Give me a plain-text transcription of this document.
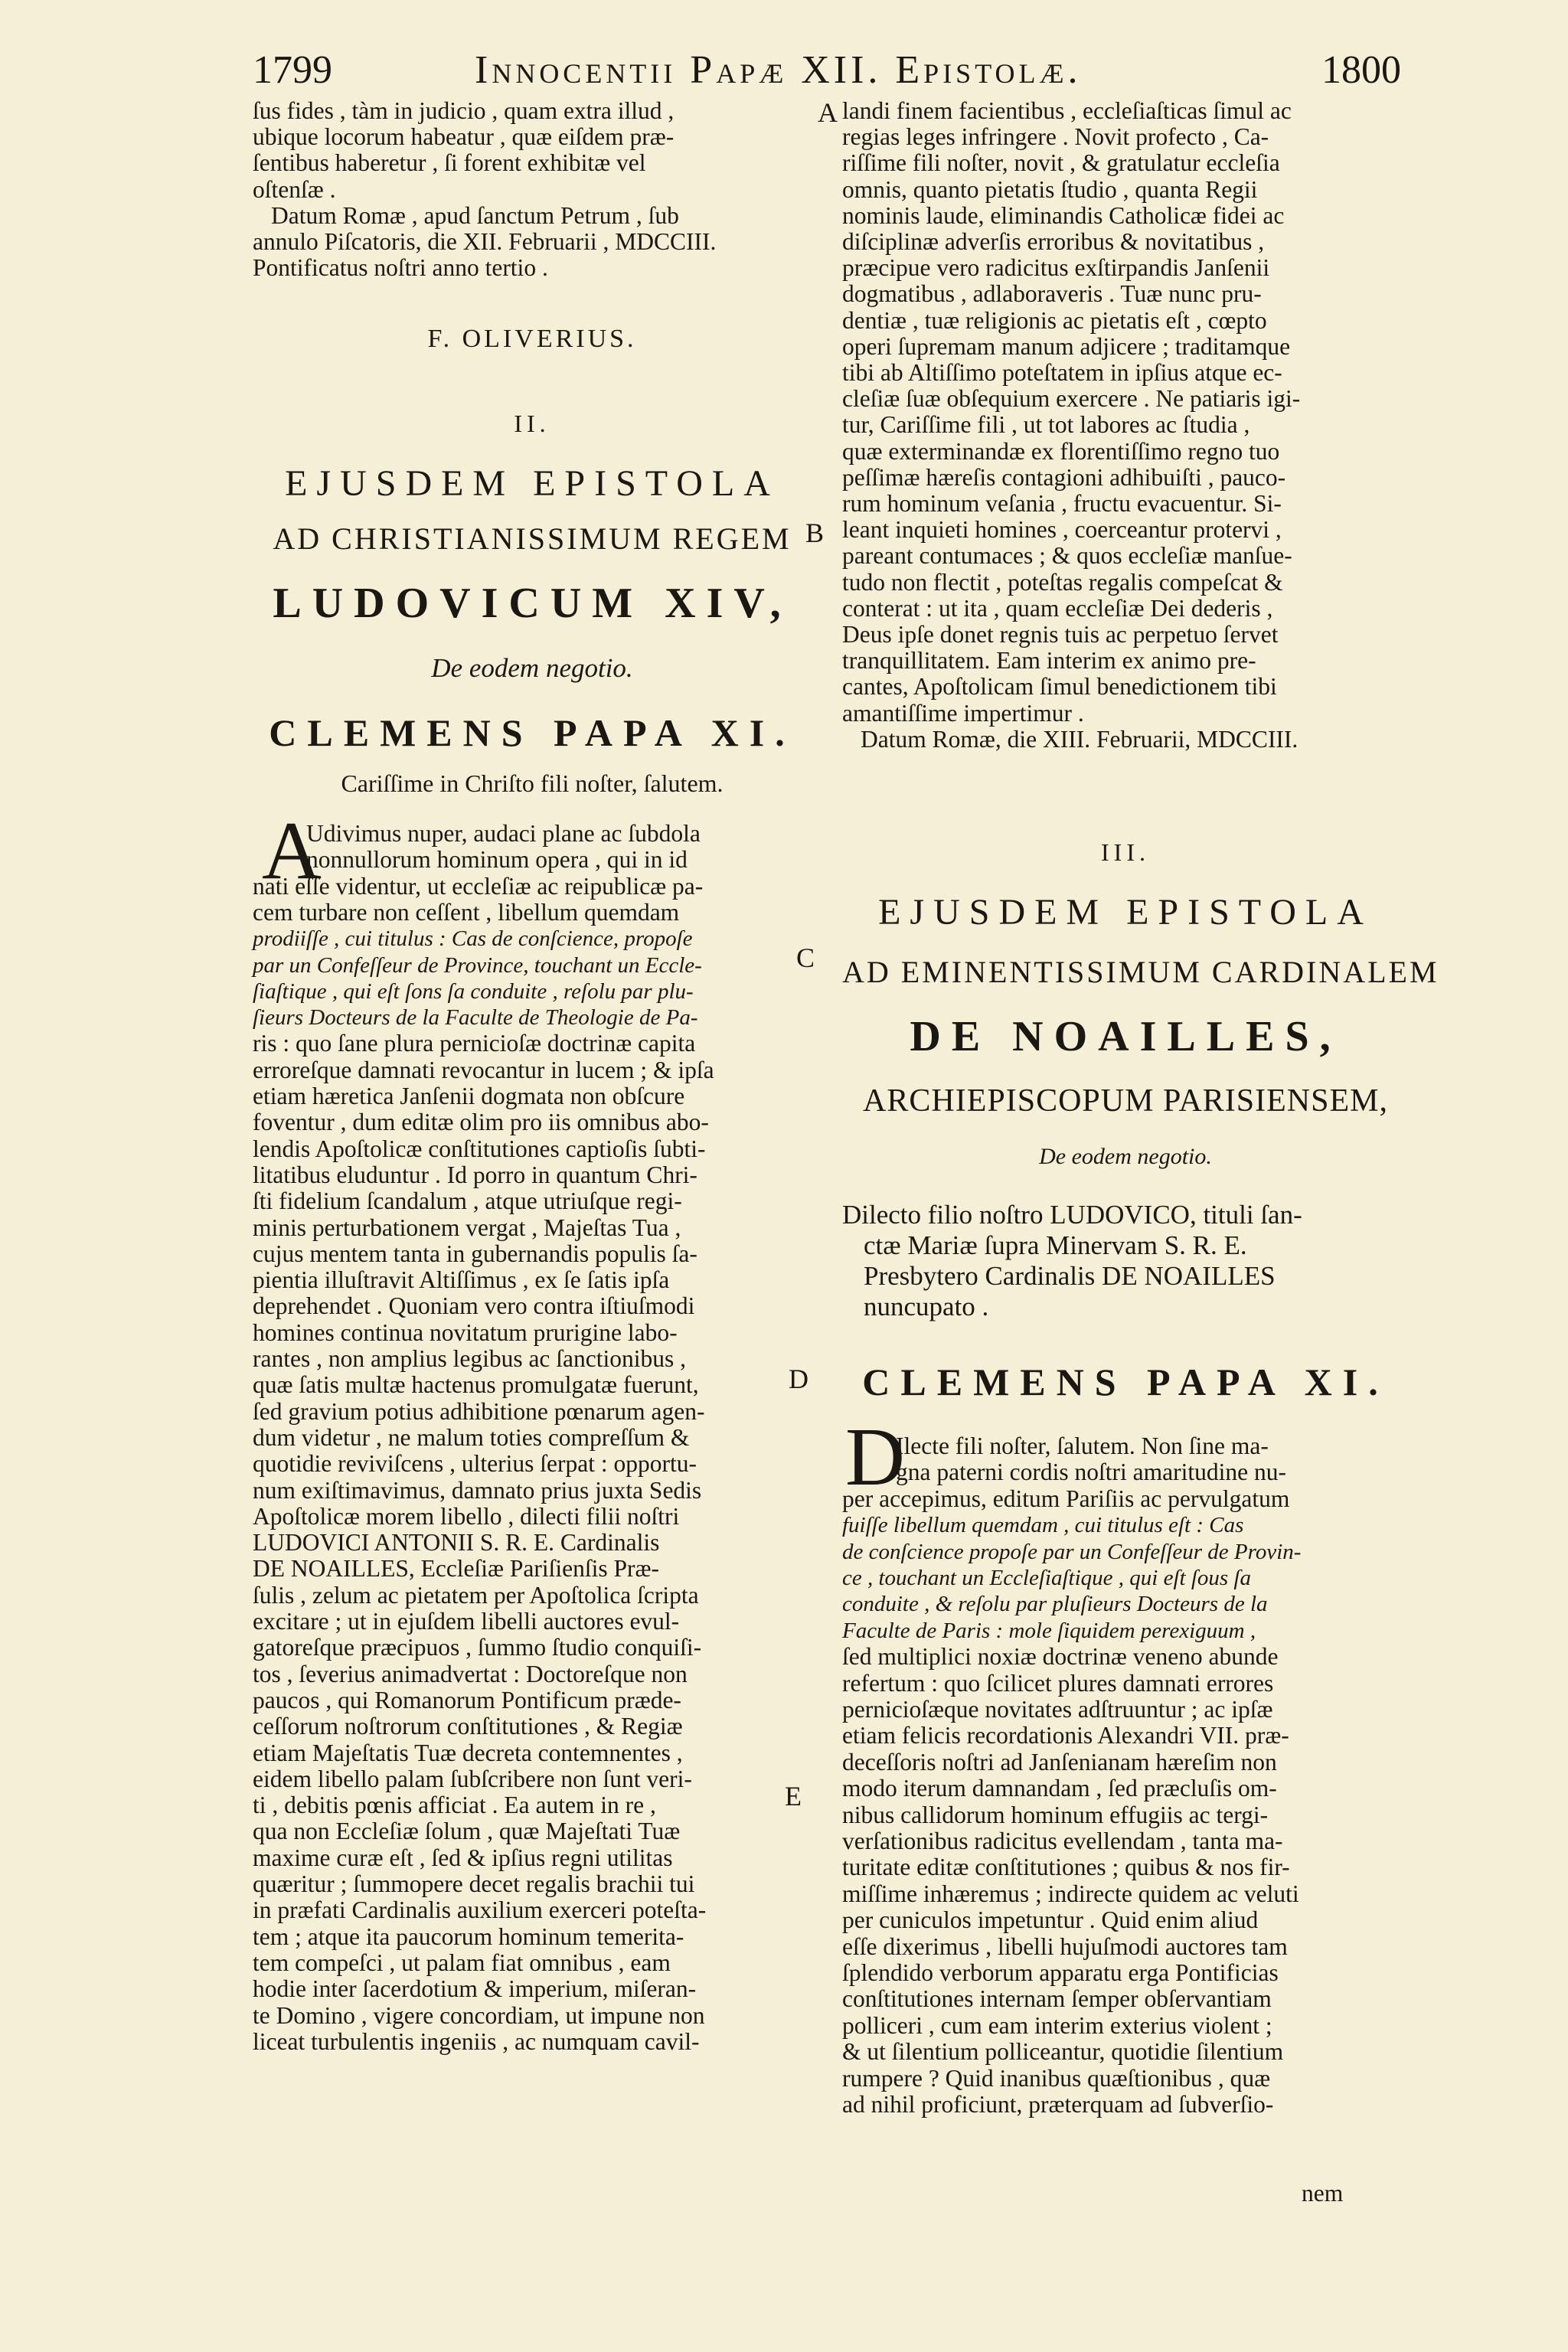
1799	Innocentii Papæ XII. Epistolæ.	1800
A
B
C
D
E
ſus fides , tàm in judicio , quam extra illud ,
ubique locorum habeatur , quæ eiſdem præ-
ſentibus haberetur , ſi forent exhibitæ vel
oſtenſæ .
Datum Romæ , apud ſanctum Petrum , ſub
annulo Piſcatoris, die XII. Februarii , MDCCIII.
Pontificatus noſtri anno tertio .
F. OLIVERIUS.
II.
EJUSDEM EPISTOLA
AD CHRISTIANISSIMUM REGEM
LUDOVICUM XIV,
De eodem negotio.
CLEMENS PAPA XI.
Cariſſime in Chriſto fili noſter, ſalutem.
A
Udivimus nuper, audaci plane ac ſubdola
nonnullorum hominum opera , qui in id
nati eſſe videntur, ut eccleſiæ ac reipublicæ pa-
cem turbare non ceſſent , libellum quemdam
prodiiſſe , cui titulus : Cas de conſcience, propoſe
par un Confeſſeur de Province, touchant un Eccle-
ſiaſtique , qui eſt ſons ſa conduite , reſolu par plu-
ſieurs Docteurs de la Faculte de Theologie de Pa-
ris : quo ſane plura pernicioſæ doctrinæ capita
erroreſque damnati revocantur in lucem ; & ipſa
etiam hæretica Janſenii dogmata non obſcure
foventur , dum editæ olim pro iis omnibus abo-
lendis Apoſtolicæ conſtitutiones captioſis ſubti-
litatibus eluduntur . Id porro in quantum Chri-
ſti fidelium ſcandalum , atque utriuſque regi-
minis perturbationem vergat , Majeſtas Tua ,
cujus mentem tanta in gubernandis populis ſa-
pientia illuſtravit Altiſſimus , ex ſe ſatis ipſa
deprehendet . Quoniam vero contra iſtiuſmodi
homines continua novitatum prurigine labo-
rantes , non amplius legibus ac ſanctionibus ,
quæ ſatis multæ hactenus promulgatæ fuerunt,
ſed gravium potius adhibitione pœnarum agen-
dum videtur , ne malum toties compreſſum &
quotidie reviviſcens , ulterius ſerpat : opportu-
num exiſtimavimus, damnato prius juxta Sedis
Apoſtolicæ morem libello , dilecti filii noſtri
LUDOVICI ANTONII S. R. E. Cardinalis
DE NOAILLES, Eccleſiæ Pariſienſis Præ-
ſulis , zelum ac pietatem per Apoſtolica ſcripta
excitare ; ut in ejuſdem libelli auctores evul-
gatoreſque præcipuos , ſummo ſtudio conquiſi-
tos , ſeverius animadvertat : Doctoreſque non
paucos , qui Romanorum Pontificum præde-
ceſſorum noſtrorum conſtitutiones , & Regiæ
etiam Majeſtatis Tuæ decreta contemnentes ,
eidem libello palam ſubſcribere non ſunt veri-
ti , debitis pœnis afficiat . Ea autem in re ,
qua non Eccleſiæ ſolum , quæ Majeſtati Tuæ
maxime curæ eſt , ſed & ipſius regni utilitas
quæritur ; ſummopere decet regalis brachii tui
in præfati Cardinalis auxilium exerceri poteſta-
tem ; atque ita paucorum hominum temerita-
tem compeſci , ut palam fiat omnibus , eam
hodie inter ſacerdotium & imperium, miſeran-
te Domino , vigere concordiam, ut impune non
liceat turbulentis ingeniis , ac numquam cavil-
landi finem facientibus , eccleſiaſticas ſimul ac
regias leges infringere . Novit profecto , Ca-
riſſime fili noſter, novit , & gratulatur eccleſia
omnis, quanto pietatis ſtudio , quanta Regii
nominis laude, eliminandis Catholicæ fidei ac
diſciplinæ adverſis erroribus & novitatibus ,
præcipue vero radicitus exſtirpandis Janſenii
dogmatibus , adlaboraveris . Tuæ nunc pru-
dentiæ , tuæ religionis ac pietatis eſt , cœpto
operi ſupremam manum adjicere ; traditamque
tibi ab Altiſſimo poteſtatem in ipſius atque ec-
cleſiæ ſuæ obſequium exercere . Ne patiaris igi-
tur, Cariſſime fili , ut tot labores ac ſtudia ,
quæ exterminandæ ex florentiſſimo regno tuo
peſſimæ hæreſis contagioni adhibuiſti , pauco-
rum hominum veſania , fructu evacuentur. Si-
leant inquieti homines , coerceantur protervi ,
pareant contumaces ; & quos eccleſiæ manſue-
tudo non flectit , poteſtas regalis compeſcat &
conterat : ut ita , quam eccleſiæ Dei dederis ,
Deus ipſe donet regnis tuis ac perpetuo ſervet
tranquillitatem. Eam interim ex animo pre-
cantes, Apoſtolicam ſimul benedictionem tibi
amantiſſime impertimur .
Datum Romæ, die XIII. Februarii, MDCCIII.
III.
EJUSDEM EPISTOLA
AD EMINENTISSIMUM CARDINALEM
DE NOAILLES,
ARCHIEPISCOPUM PARISIENSEM,
De eodem negotio.
Dilecto filio noſtro LUDOVICO, tituli ſan-
ctæ Mariæ ſupra Minervam S. R. E.
Presbytero Cardinalis DE NOAILLES
nuncupato .
CLEMENS PAPA XI.
D
Ilecte fili noſter, ſalutem. Non ſine ma-
gna paterni cordis noſtri amaritudine nu-
per accepimus, editum Pariſiis ac pervulgatum
fuiſſe libellum quemdam , cui titulus eſt : Cas
de conſcience propoſe par un Confeſſeur de Provin-
ce , touchant un Eccleſiaſtique , qui eſt ſous ſa
conduite , & reſolu par pluſieurs Docteurs de la
Faculte de Paris : mole ſiquidem perexiguum ,
ſed multiplici noxiæ doctrinæ veneno abunde
refertum : quo ſcilicet plures damnati errores
pernicioſæque novitates adſtruuntur ; ac ipſæ
etiam felicis recordationis Alexandri VII. præ-
deceſſoris noſtri ad Janſenianam hæreſim non
modo iterum damnandam , ſed præcluſis om-
nibus callidorum hominum effugiis ac tergi-
verſationibus radicitus evellendam , tanta ma-
turitate editæ conſtitutiones ; quibus & nos fir-
miſſime inhæremus ; indirecte quidem ac veluti
per cuniculos impetuntur . Quid enim aliud
eſſe dixerimus , libelli hujuſmodi auctores tam
ſplendido verborum apparatu erga Pontificias
conſtitutiones internam ſemper obſervantiam
polliceri , cum eam interim exterius violent ;
& ut ſilentium polliceantur, quotidie ſilentium
rumpere ? Quid inanibus quæſtionibus , quæ
ad nihil proficiunt, præterquam ad ſubverſio-
nem
